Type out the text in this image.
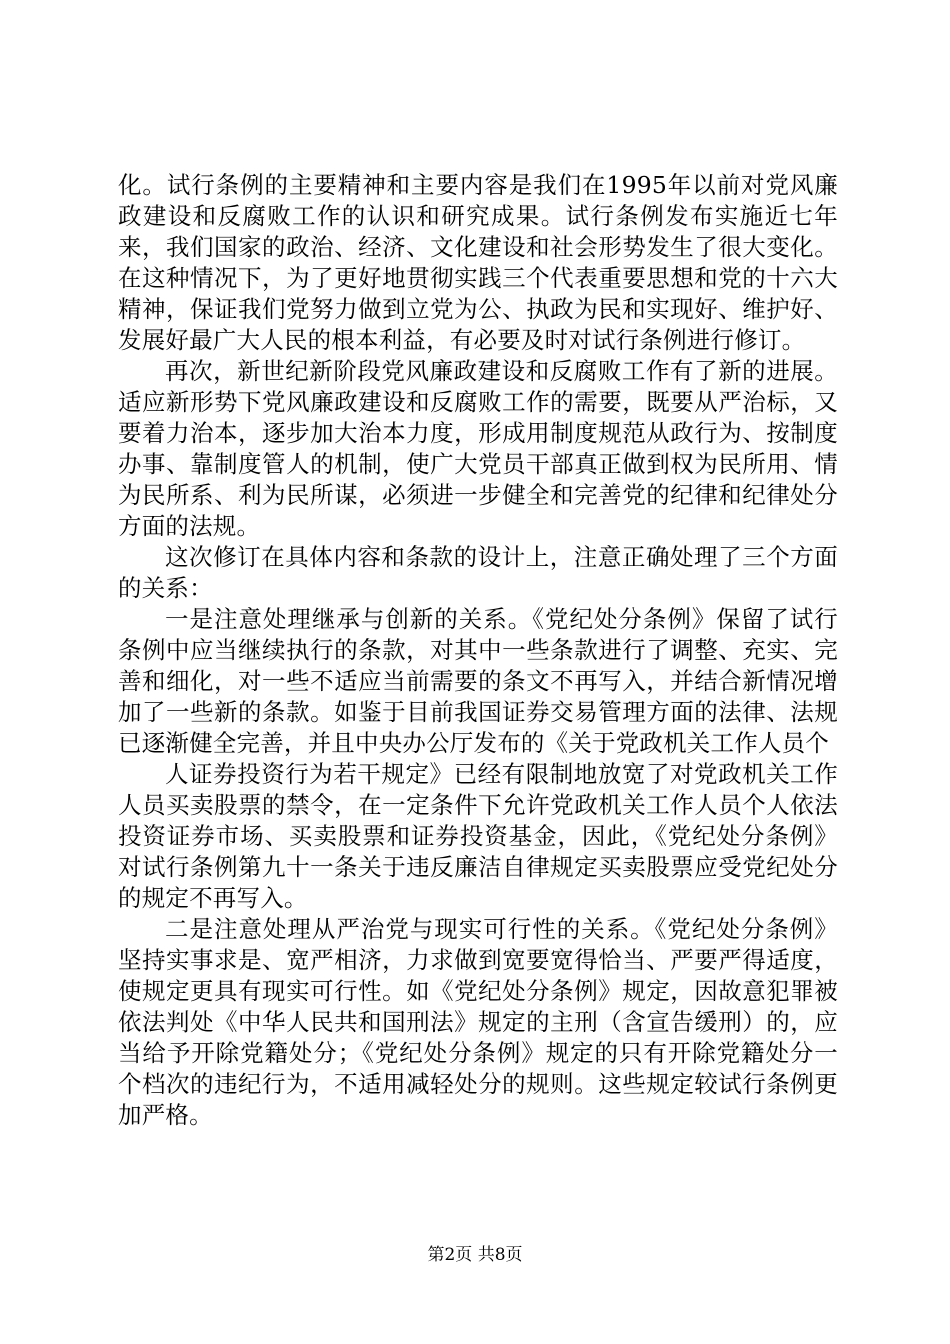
化。试行条例的主要精神和主要内容是我们在1995年以前对党风廉政建设和反腐败工作的认识和研究成果。试行条例发布实施近七年来，我们国家的政治、经济、文化建设和社会形势发生了很大变化。在这种情况下，为了更好地贯彻实践三个代表重要思想和党的十六大精神，保证我们党努力做到立党为公、执政为民和实现好、维护好、发展好最广大人民的根本利益，有必要及时对试行条例进行修订。

再次，新世纪新阶段党风廉政建设和反腐败工作有了新的进展。适应新形势下党风廉政建设和反腐败工作的需要，既要从严治标，又要着力治本，逐步加大治本力度，形成用制度规范从政行为、按制度办事、靠制度管人的机制，使广大党员干部真正做到权为民所用、情为民所系、利为民所谋，必须进一步健全和完善党的纪律和纪律处分方面的法规。

这次修订在具体内容和条款的设计上，注意正确处理了三个方面的关系：

一是注意处理继承与创新的关系。《党纪处分条例》保留了试行条例中应当继续执行的条款，对其中一些条款进行了调整、充实、完善和细化，对一些不适应当前需要的条文不再写入，并结合新情况增加了一些新的条款。如鉴于目前我国证券交易管理方面的法律、法规已逐渐健全完善，并且中央办公厅发布的《关于党政机关工作人员个

人证券投资行为若干规定》已经有限制地放宽了对党政机关工作人员买卖股票的禁令，在一定条件下允许党政机关工作人员个人依法投资证券市场、买卖股票和证券投资基金，因此，《党纪处分条例》对试行条例第九十一条关于违反廉洁自律规定买卖股票应受党纪处分的规定不再写入。

二是注意处理从严治党与现实可行性的关系。《党纪处分条例》坚持实事求是、宽严相济，力求做到宽要宽得恰当、严要严得适度，使规定更具有现实可行性。如《党纪处分条例》规定，因故意犯罪被依法判处《中华人民共和国刑法》规定的主刑（含宣告缓刑）的，应当给予开除党籍处分；《党纪处分条例》规定的只有开除党籍处分一个档次的违纪行为，不适用减轻处分的规则。这些规定较试行条例更加严格。

第2页 共8页
